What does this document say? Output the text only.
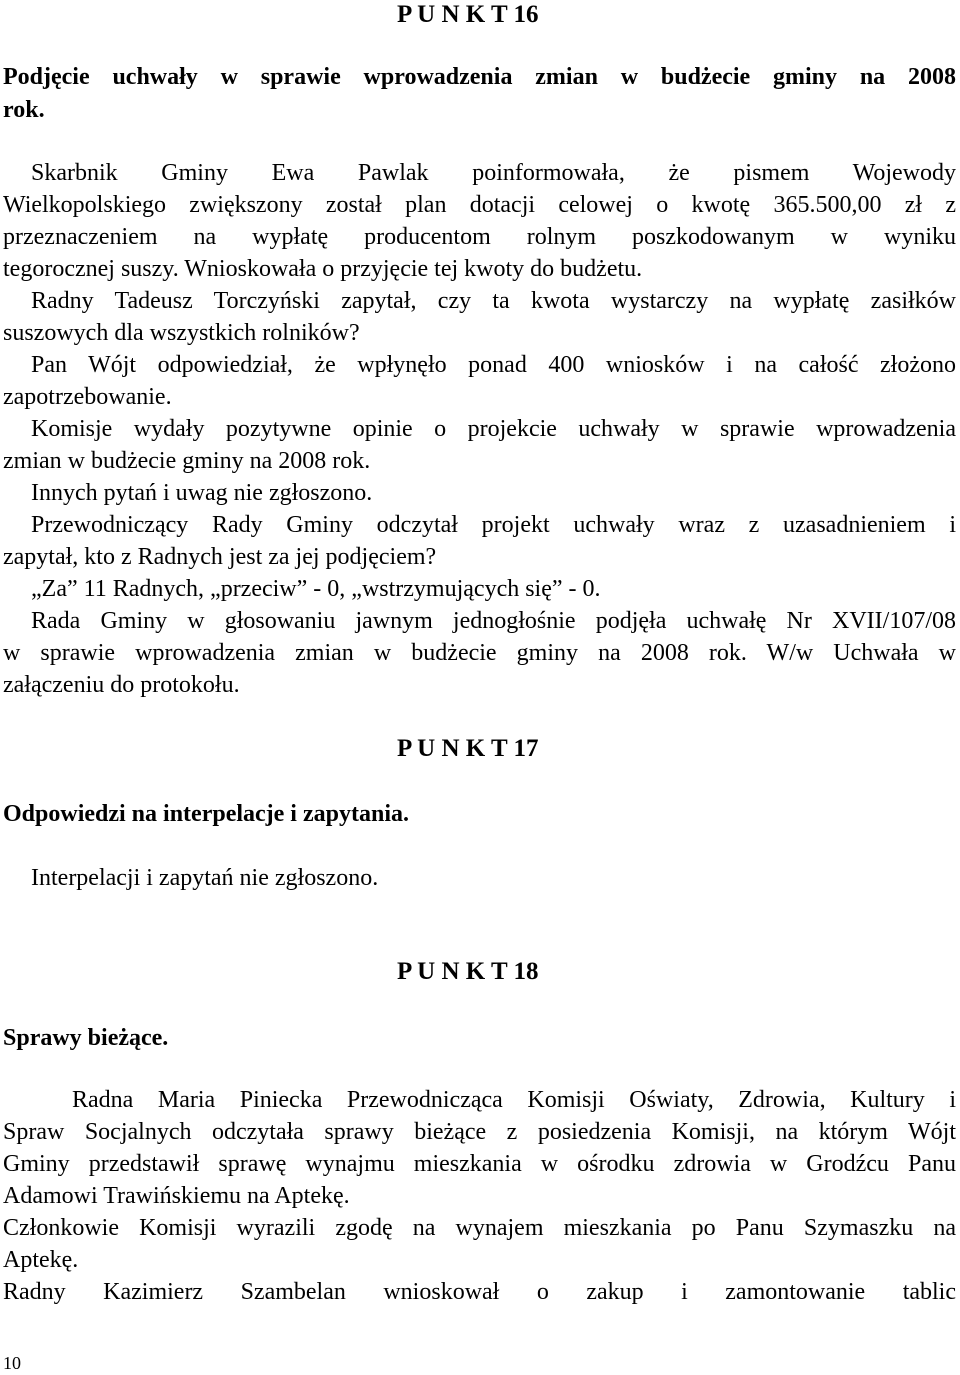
P U N K T 16
Podjęcie uchwały w sprawie wprowadzenia zmian w budżecie gminy na 2008
rok.
Skarbnik Gminy Ewa Pawlak poinformowała, że pismem Wojewody
Wielkopolskiego zwiększony został plan dotacji celowej o kwotę 365.500,00 zł z
przeznaczeniem na wypłatę producentom rolnym poszkodowanym w wyniku
tegorocznej suszy. Wnioskowała o przyjęcie tej kwoty do budżetu.
Radny Tadeusz Torczyński zapytał, czy ta kwota wystarczy na wypłatę zasiłków
suszowych dla wszystkich rolników?
Pan Wójt odpowiedział, że wpłynęło ponad 400 wniosków i na całość złożono
zapotrzebowanie.
Komisje wydały pozytywne opinie o projekcie uchwały w sprawie wprowadzenia
zmian w budżecie gminy na 2008 rok.
Innych pytań i uwag nie zgłoszono.
Przewodniczący Rady Gminy odczytał projekt uchwały wraz z uzasadnieniem i
zapytał, kto z Radnych jest za jej podjęciem?
„Za” 11 Radnych, „przeciw” - 0, „wstrzymujących się” - 0.
Rada Gminy w głosowaniu jawnym jednogłośnie podjęła uchwałę Nr XVII/107/08
w sprawie wprowadzenia zmian w budżecie gminy na 2008 rok. W/w Uchwała w
załączeniu do protokołu.
P U N K T 17
Odpowiedzi na interpelacje i zapytania.
Interpelacji i zapytań nie zgłoszono.
P U N K T 18
Sprawy bieżące.
Radna Maria Piniecka Przewodnicząca Komisji Oświaty, Zdrowia, Kultury i
Spraw Socjalnych odczytała sprawy bieżące z posiedzenia Komisji, na którym Wójt
Gminy przedstawił sprawę wynajmu mieszkania w ośrodku zdrowia w Grodźcu Panu
Adamowi Trawińskiemu na Aptekę.
Członkowie Komisji wyrazili zgodę na wynajem mieszkania po Panu Szymaszku na
Aptekę.
Radny Kazimierz Szambelan wnioskował o zakup i zamontowanie tablic
10
